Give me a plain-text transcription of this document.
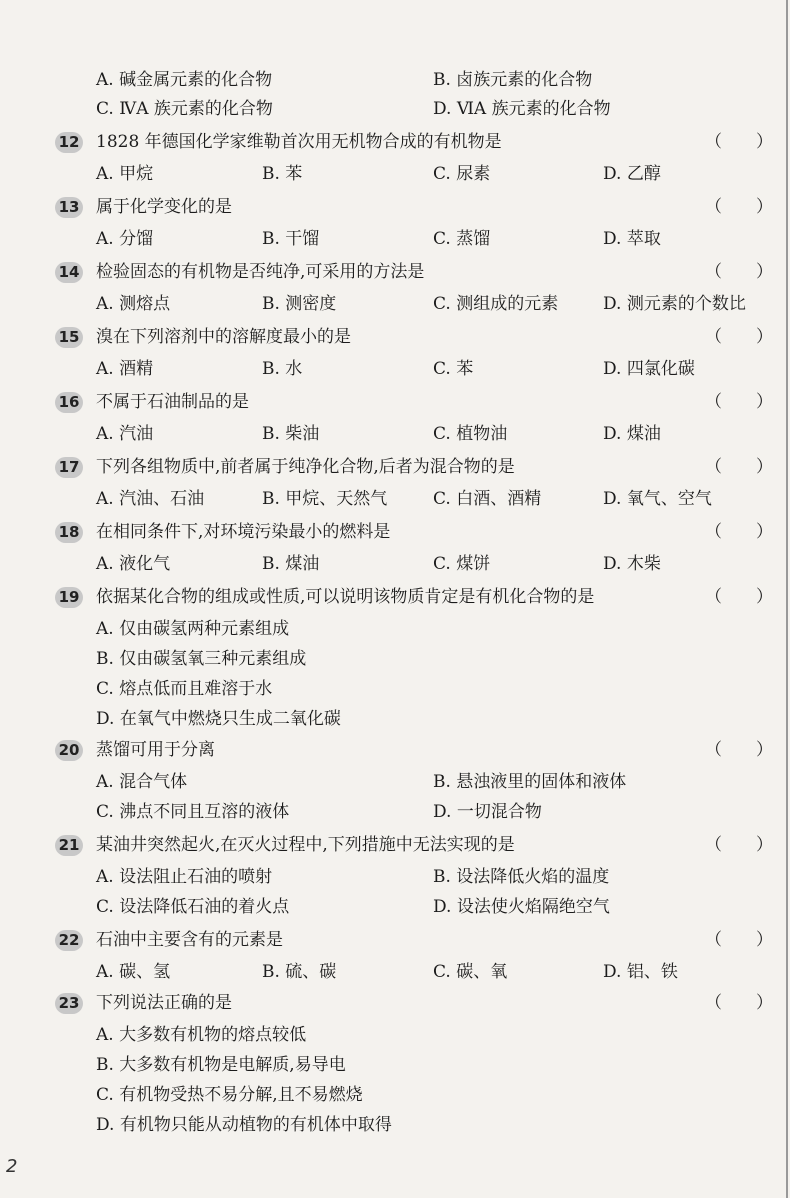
A. 碱金属元素的化合物	B. 卤族元素的化合物
C. ⅣA 族元素的化合物	D. ⅥA 族元素的化合物
12 1828 年德国化学家维勒首次用无机物合成的有机物是	（　　）
A. 甲烷	B. 苯	C. 尿素	D. 乙醇
13 属于化学变化的是	（　　）
A. 分馏	B. 干馏	C. 蒸馏	D. 萃取
14 检验固态的有机物是否纯净,可采用的方法是	（　　）
A. 测熔点	B. 测密度	C. 测组成的元素	D. 测元素的个数比
15 溴在下列溶剂中的溶解度最小的是	（　　）
A. 酒精	B. 水	C. 苯	D. 四氯化碳
16 不属于石油制品的是	（　　）
A. 汽油	B. 柴油	C. 植物油	D. 煤油
17 下列各组物质中,前者属于纯净化合物,后者为混合物的是	（　　）
A. 汽油、石油	B. 甲烷、天然气	C. 白酒、酒精	D. 氧气、空气
18 在相同条件下,对环境污染最小的燃料是	（　　）
A. 液化气	B. 煤油	C. 煤饼	D. 木柴
19 依据某化合物的组成或性质,可以说明该物质肯定是有机化合物的是	（　　）
A. 仅由碳氢两种元素组成
B. 仅由碳氢氧三种元素组成
C. 熔点低而且难溶于水
D. 在氧气中燃烧只生成二氧化碳
20 蒸馏可用于分离	（　　）
A. 混合气体	B. 悬浊液里的固体和液体
C. 沸点不同且互溶的液体	D. 一切混合物
21 某油井突然起火,在灭火过程中,下列措施中无法实现的是	（　　）
A. 设法阻止石油的喷射	B. 设法降低火焰的温度
C. 设法降低石油的着火点	D. 设法使火焰隔绝空气
22 石油中主要含有的元素是	（　　）
A. 碳、氢	B. 硫、碳	C. 碳、氧	D. 铝、铁
23 下列说法正确的是	（　　）
A. 大多数有机物的熔点较低
B. 大多数有机物是电解质,易导电
C. 有机物受热不易分解,且不易燃烧
D. 有机物只能从动植物的有机体中取得
2
